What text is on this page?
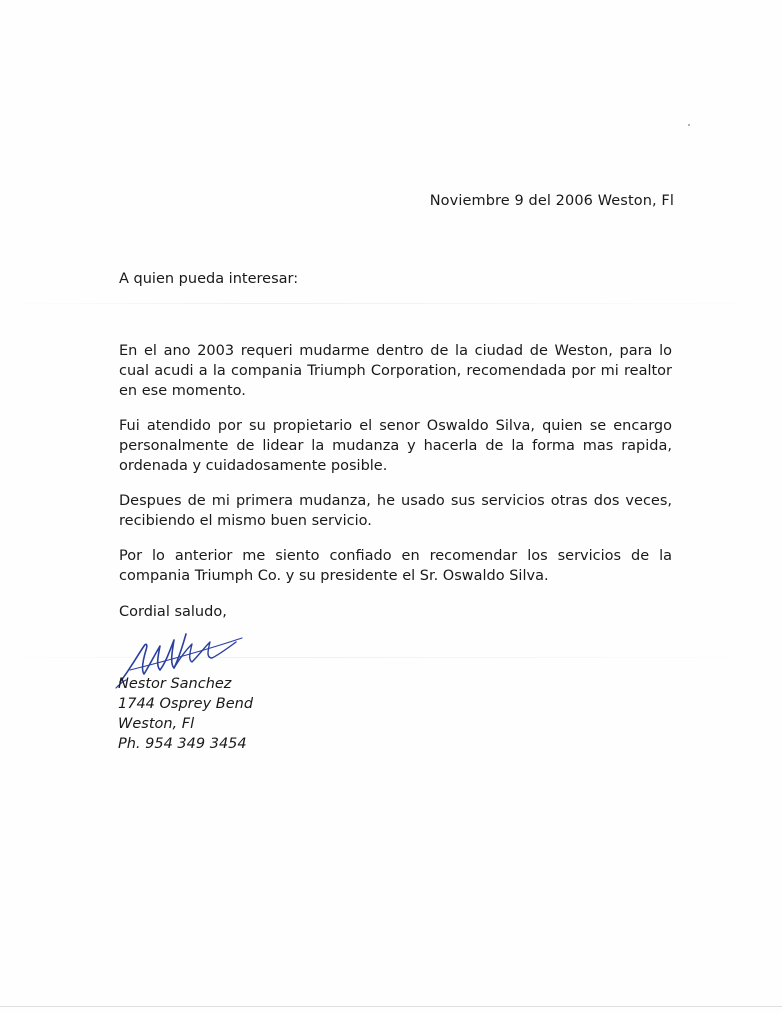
Noviembre 9 del 2006 Weston, Fl
A quien pueda interesar:

En el ano 2003 requeri mudarme dentro de la ciudad de Weston, para lo cual acudi a la compania Triumph Corporation, recomendada por mi realtor en ese momento.

Fui atendido por su propietario el senor Oswaldo Silva, quien se encargo personalmente de lidear la mudanza y hacerla de la forma mas rapida, ordenada y cuidadosamente posible.

Despues de mi primera mudanza, he usado sus servicios otras dos veces, recibiendo el mismo buen servicio.

Por lo anterior me siento confiado en recomendar los servicios de la compania Triumph Co. y su presidente el Sr. Oswaldo Silva.

Cordial saludo,
Nestor Sanchez
1744 Osprey Bend
Weston, Fl
Ph. 954 349 3454
